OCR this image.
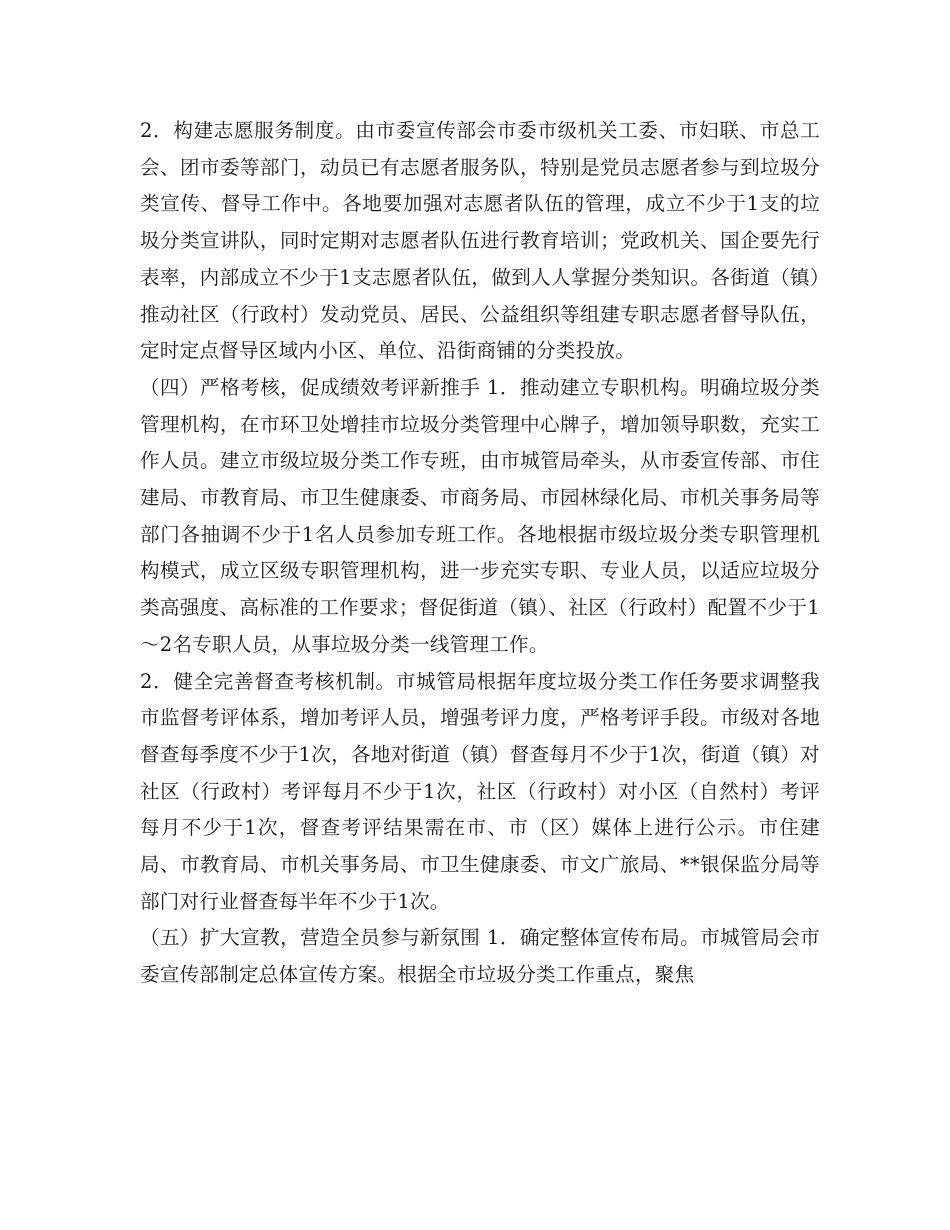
2．构建志愿服务制度。由市委宣传部会市委市级机关工委、市妇联、市总工会、团市委等部门，动员已有志愿者服务队，特别是党员志愿者参与到垃圾分类宣传、督导工作中。各地要加强对志愿者队伍的管理，成立不少于1支的垃圾分类宣讲队，同时定期对志愿者队伍进行教育培训；党政机关、国企要先行表率，内部成立不少于1支志愿者队伍，做到人人掌握分类知识。各街道（镇）推动社区（行政村）发动党员、居民、公益组织等组建专职志愿者督导队伍，定时定点督导区域内小区、单位、沿街商铺的分类投放。

（四）严格考核，促成绩效考评新推手 1．推动建立专职机构。明确垃圾分类管理机构，在市环卫处增挂市垃圾分类管理中心牌子，增加领导职数，充实工作人员。建立市级垃圾分类工作专班，由市城管局牵头，从市委宣传部、市住建局、市教育局、市卫生健康委、市商务局、市园林绿化局、市机关事务局等部门各抽调不少于1名人员参加专班工作。各地根据市级垃圾分类专职管理机构模式，成立区级专职管理机构，进一步充实专职、专业人员，以适应垃圾分类高强度、高标准的工作要求；督促街道（镇）、社区（行政村）配置不少于1～2名专职人员，从事垃圾分类一线管理工作。

2．健全完善督查考核机制。市城管局根据年度垃圾分类工作任务要求调整我市监督考评体系，增加考评人员，增强考评力度，严格考评手段。市级对各地督查每季度不少于1次，各地对街道（镇）督查每月不少于1次，街道（镇）对社区（行政村）考评每月不少于1次，社区（行政村）对小区（自然村）考评每月不少于1次，督查考评结果需在市、市（区）媒体上进行公示。市住建局、市教育局、市机关事务局、市卫生健康委、市文广旅局、**银保监分局等部门对行业督查每半年不少于1次。

（五）扩大宣教，营造全员参与新氛围 1．确定整体宣传布局。市城管局会市委宣传部制定总体宣传方案。根据全市垃圾分类工作重点，聚焦
